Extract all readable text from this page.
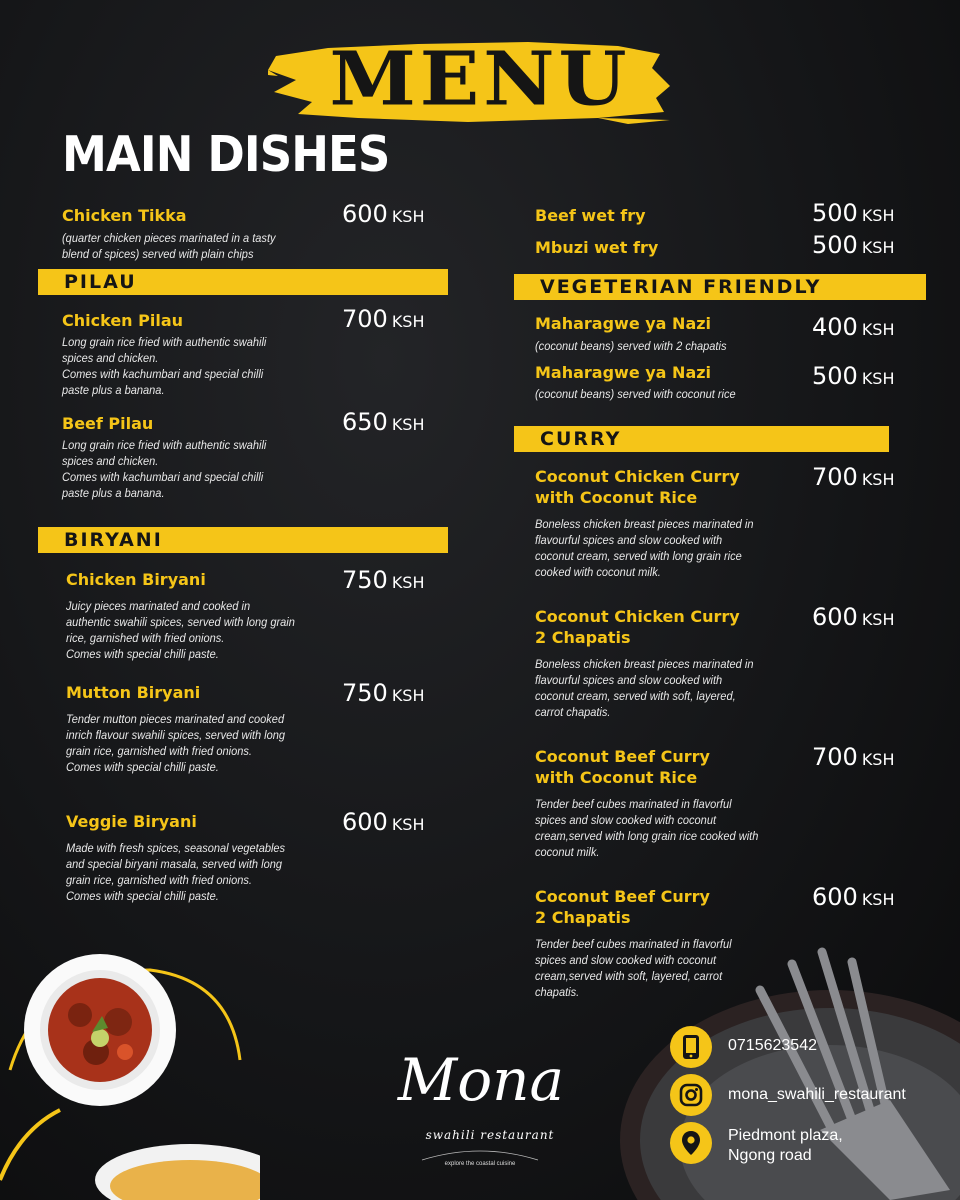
MENU
MAIN DISHES
Chicken Tikka	600 KSH
(quarter chicken pieces marinated in a tasty blend of spices) served with plain chips
PILAU
Chicken Pilau	700 KSH
Long grain rice fried with authentic swahili spices and chicken.
Comes with kachumbari and special chilli paste plus a banana.
Beef Pilau	650 KSH
Long grain rice fried with authentic swahili spices and chicken.
Comes with kachumbari and special chilli paste plus a banana.
BIRYANI
Chicken Biryani	750 KSH
Juicy pieces marinated and cooked in authentic swahili spices, served with long grain rice, garnished with fried onions.
Comes with special chilli paste.
Mutton Biryani	750 KSH
Tender mutton pieces marinated and cooked inrich flavour swahili spices, served with long grain rice, garnished with fried onions.
Comes with special chilli paste.
Veggie Biryani	600 KSH
Made with fresh spices, seasonal vegetables and special biryani masala, served with long grain rice, garnished with fried onions.
Comes with special chilli paste.
Beef wet fry	500 KSH
Mbuzi wet fry	500 KSH
VEGETERIAN FRIENDLY
Maharagwe ya Nazi	400 KSH
(coconut beans) served with 2 chapatis
Maharagwe ya Nazi	500 KSH
(coconut beans) served with coconut rice
CURRY
Coconut Chicken Curry
with Coconut Rice
700 KSH
Boneless chicken breast pieces marinated in flavourful spices and slow cooked with coconut cream, served with long grain rice cooked with coconut milk.
Coconut Chicken Curry
2 Chapatis
600 KSH
Boneless chicken breast pieces marinated in flavourful spices and slow cooked with coconut cream, served with soft, layered, carrot chapatis.
Coconut Beef Curry
with Coconut Rice
700 KSH
Tender beef cubes marinated in flavorful spices and slow cooked with coconut cream,served with long grain rice cooked with coconut milk.
Coconut Beef Curry
2 Chapatis
600 KSH
Tender beef cubes marinated in flavorful spices and slow cooked with coconut cream,served with soft, layered, carrot chapatis.
Mona
swahili restaurant
explore the coastal cuisine
0715623542
mona_swahili_restaurant
Piedmont plaza,
Ngong road
